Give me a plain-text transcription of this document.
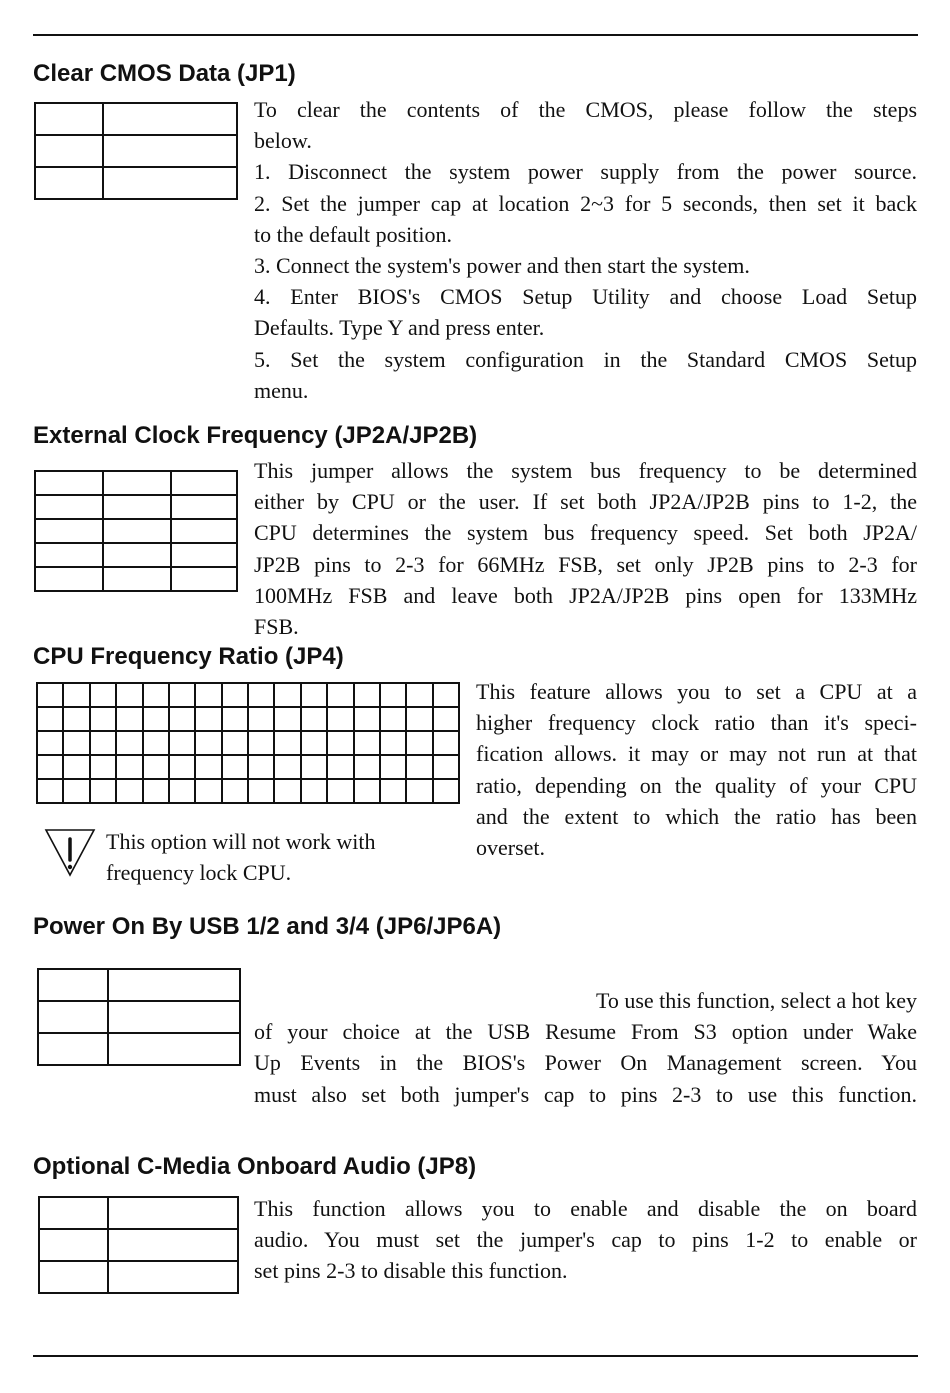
Clear CMOS Data (JP1)

To clear the contents of the CMOS, please follow the steps
below.
1. Disconnect the system power supply from the power source.
2. Set the jumper cap at location 2~3 for 5 seconds, then set it back
to the default position.
3. Connect the system's power and then start the system.
4. Enter BIOS's CMOS Setup Utility and choose Load Setup
Defaults. Type Y and press enter.
5. Set the system configuration in the Standard CMOS Setup
menu.
External Clock Frequency (JP2A/JP2B)

This jumper allows the system bus frequency to be determined
either by CPU or the user. If set both JP2A/JP2B pins to 1-2, the
CPU determines the system bus frequency speed. Set both JP2A/
JP2B pins to 2-3 for 66MHz FSB, set only JP2B pins to 2-3 for
100MHz FSB and leave both JP2A/JP2B pins open for 133MHz
FSB.
CPU Frequency Ratio (JP4)

This option will not work with
frequency lock CPU.
This feature allows you to set a CPU at a
higher frequency clock ratio than it's speci-
fication allows. it may or may not run at that
ratio, depending on the quality of your CPU
and the extent to which the ratio has been
overset.
Power On By USB 1/2 and 3/4 (JP6/JP6A)

To use this function, select a hot key
of your choice at the USB Resume From S3 option under Wake
Up Events in the BIOS's Power On Management screen. You
must also set both jumper's cap to pins 2-3 to use this function.
Optional C-Media Onboard Audio (JP8)

This function allows you to enable and disable the on board
audio. You must set the jumper's cap to pins 1-2 to enable or
set pins 2-3 to disable this function.
